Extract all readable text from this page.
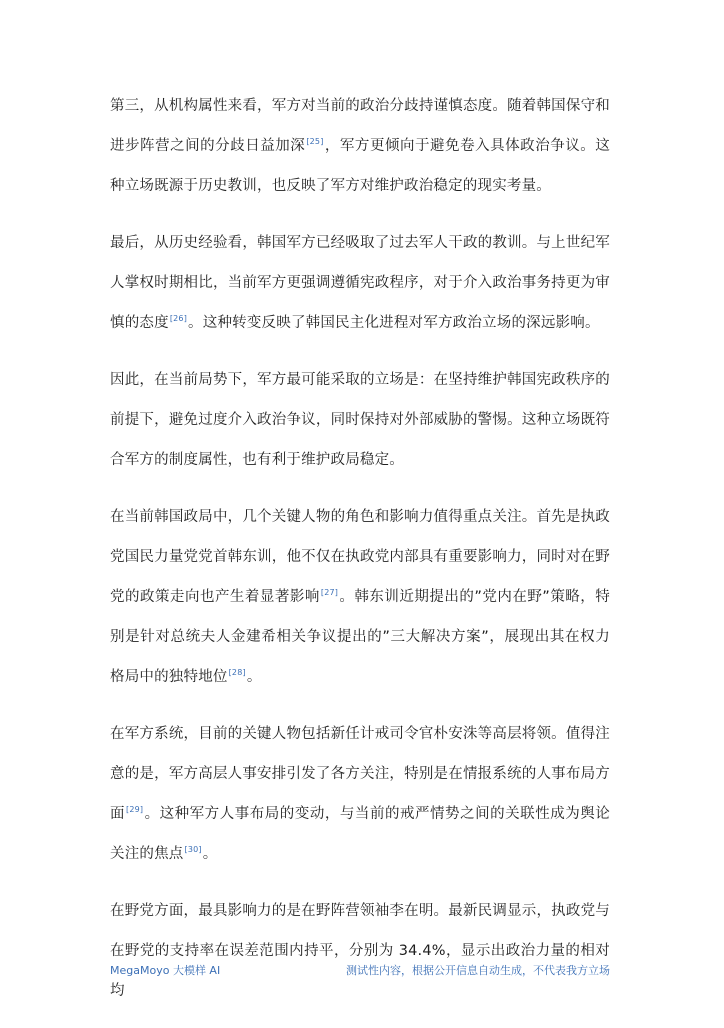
第三，从机构属性来看，军方对当前的政治分歧持谨慎态度。随着韩国保守和进步阵营之间的分歧日益加深[25]，军方更倾向于避免卷入具体政治争议。这种立场既源于历史教训，也反映了军方对维护政治稳定的现实考量。

最后，从历史经验看，韩国军方已经吸取了过去军人干政的教训。与上世纪军人掌权时期相比，当前军方更强调遵循宪政程序，对于介入政治事务持更为审慎的态度[26]。这种转变反映了韩国民主化进程对军方政治立场的深远影响。

因此，在当前局势下，军方最可能采取的立场是：在坚持维护韩国宪政秩序的前提下，避免过度介入政治争议，同时保持对外部威胁的警惕。这种立场既符合军方的制度属性，也有利于维护政局稳定。

在当前韩国政局中，几个关键人物的角色和影响力值得重点关注。首先是执政党国民力量党党首韩东训，他不仅在执政党内部具有重要影响力，同时对在野党的政策走向也产生着显著影响[27]。韩东训近期提出的”党内在野”策略，特别是针对总统夫人金建希相关争议提出的”三大解决方案”，展现出其在权力格局中的独特地位[28]。

在军方系统，目前的关键人物包括新任计戒司令官朴安洙等高层将领。值得注意的是，军方高层人事安排引发了各方关注，特别是在情报系统的人事布局方面[29]。这种军方人事布局的变动，与当前的戒严情势之间的关联性成为舆论关注的焦点[30]。

在野党方面，最具影响力的是在野阵营领袖李在明。最新民调显示，执政党与在野党的支持率在误差范围内持平，分别为 34.4%，显示出政治力量的相对均

MegaMoyo 大模样 AI	测试性内容，根据公开信息自动生成，不代表我方立场
